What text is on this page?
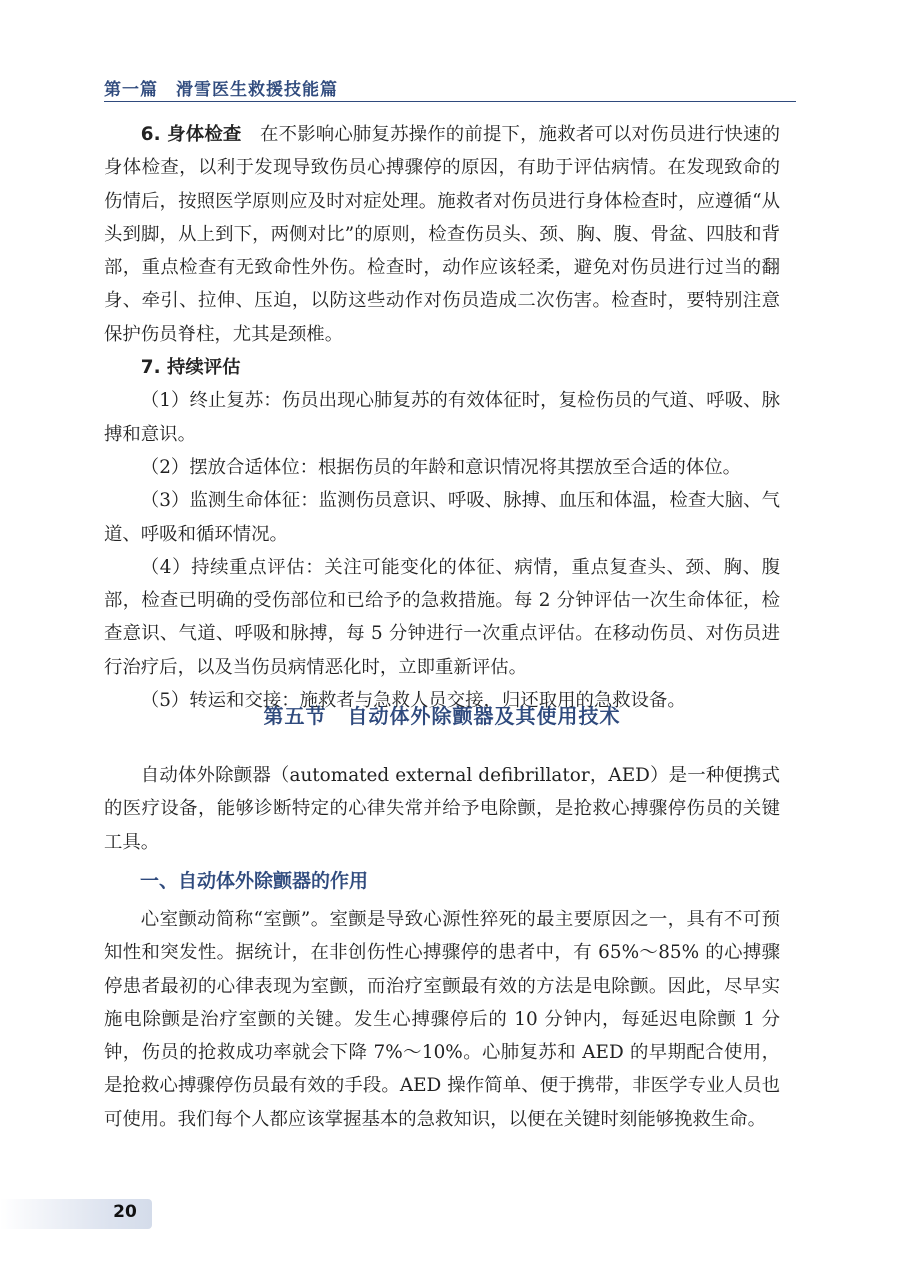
第一篇　滑雪医生救援技能篇

6. 身体检查　 在不影响心肺复苏操作的前提下，施救者可以对伤员进行快速的身体检查，以利于发现导致伤员心搏骤停的原因，有助于评估病情。在发现致命的伤情后，按照医学原则应及时对症处理。施救者对伤员进行身体检查时，应遵循“从头到脚，从上到下，两侧对比”的原则，检查伤员头、颈、胸、腹、骨盆、四肢和背部，重点检查有无致命性外伤。检查时，动作应该轻柔，避免对伤员进行过当的翻身、牵引、拉伸、压迫，以防这些动作对伤员造成二次伤害。检查时，要特别注意保护伤员脊柱，尤其是颈椎。

7. 持续评估

（1）终止复苏：伤员出现心肺复苏的有效体征时，复检伤员的气道、呼吸、脉搏和意识。

（2）摆放合适体位：根据伤员的年龄和意识情况将其摆放至合适的体位。

（3）监测生命体征：监测伤员意识、呼吸、脉搏、血压和体温，检查大脑、气道、呼吸和循环情况。

（4）持续重点评估：关注可能变化的体征、病情，重点复查头、颈、胸、腹部，检查已明确的受伤部位和已给予的急救措施。每 2 分钟评估一次生命体征，检查意识、气道、呼吸和脉搏，每 5 分钟进行一次重点评估。在移动伤员、对伤员进行治疗后，以及当伤员病情恶化时，立即重新评估。

（5）转运和交接：施救者与急救人员交接，归还取用的急救设备。

第五节　自动体外除颤器及其使用技术

自动体外除颤器（automated external defibrillator，AED）是一种便携式的医疗设备，能够诊断特定的心律失常并给予电除颤，是抢救心搏骤停伤员的关键工具。

一、自动体外除颤器的作用

心室颤动简称“室颤”。室颤是导致心源性猝死的最主要原因之一，具有不可预知性和突发性。据统计，在非创伤性心搏骤停的患者中，有 65%～85% 的心搏骤停患者最初的心律表现为室颤，而治疗室颤最有效的方法是电除颤。因此，尽早实施电除颤是治疗室颤的关键。发生心搏骤停后的 10 分钟内，每延迟电除颤 1 分钟，伤员的抢救成功率就会下降 7%～10%。心肺复苏和 AED 的早期配合使用，是抢救心搏骤停伤员最有效的手段。AED 操作简单、便于携带，非医学专业人员也可使用。我们每个人都应该掌握基本的急救知识，以便在关键时刻能够挽救生命。

20
